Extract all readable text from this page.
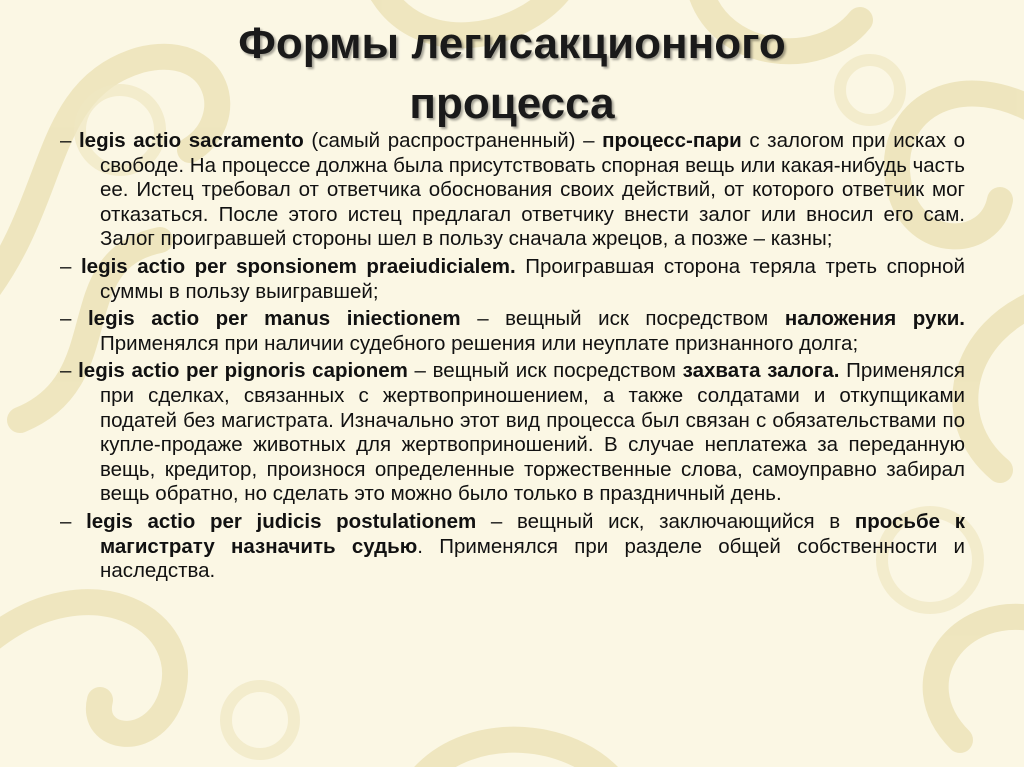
Формы легисакционного
процесса

– legis actio sacramento (самый распространенный) – процесс-пари с залогом при исках о свободе. На процессе должна была присутствовать спорная вещь или какая-нибудь часть ее. Истец требовал от ответчика обоснования своих действий, от которого ответчик мог отказаться. После этого истец предлагал ответчику внести залог или вносил его сам. Залог проигравшей стороны шел в пользу сначала жрецов, а позже – казны;

– legis actio per sponsionem praeiudicialem. Проигравшая сторона теряла треть спорной суммы в пользу выигравшей;

– legis actio per manus iniectionem – вещный иск посредством наложения руки. Применялся при наличии судебного решения или неуплате признанного долга;

– legis actio per pignoris capionem – вещный иск посредством захвата залога. Применялся при сделках, связанных с жертвоприношением, а также солдатами и откупщиками податей без магистрата. Изначально этот вид процесса был связан с обязательствами по купле-продаже животных для жертвоприношений. В случае неплатежа за переданную вещь, кредитор, произнося определенные торжественные слова, самоуправно забирал вещь обратно, но сделать это можно было только в праздничный день.

– legis actio per judicis postulationem – вещный иск, заключающийся в просьбе к магистрату назначить судью. Применялся при разделе общей собственности и наследства.
